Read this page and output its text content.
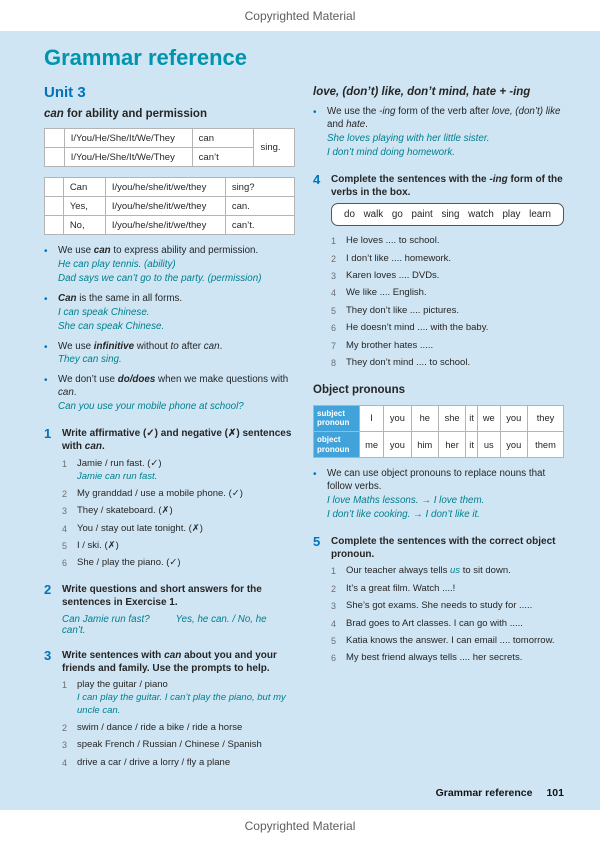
Copyrighted Material
Grammar reference
Unit 3
can for ability and permission
+	I/You/He/She/It/We/They	can	sing.
−	I/You/He/She/It/We/They	can’t	
?	Can	I/you/he/she/it/we/they	sing?
+	Yes,	I/you/he/she/it/we/they	can.
−	No,	I/you/he/she/it/we/they	can’t.
•	We use can to express ability and permission.
He can play tennis. (ability)
Dad says we can’t go to the party. (permission)
•	Can is the same in all forms.
I can speak Chinese.
She can speak Chinese.
•	We use infinitive without to after can.
They can sing.
•	We don’t use do/does when we make questions with can.
Can you use your mobile phone at school?
1	Write affirmative (✓) and negative (✗) sentences with can.
1	Jamie / run fast. (✓)
Jamie can run fast.
2	My granddad / use a mobile phone. (✓)
3	They / skateboard. (✗)
4	You / stay out late tonight. (✗)
5	I / ski. (✗)
6	She / play the piano. (✓)
2	Write questions and short answers for the sentences in Exercise 1.
Can Jamie run fast?	Yes, he can. / No, he can’t.
3	Write sentences with can about you and your friends and family. Use the prompts to help.
1	play the guitar / piano
I can play the guitar. I can’t play the piano, but my uncle can.
2	swim / dance / ride a bike / ride a horse
3	speak French / Russian / Chinese / Spanish
4	drive a car / drive a lorry / fly a plane
love, (don’t) like, don’t mind, hate + -ing
•	We use the -ing form of the verb after love, (don’t) like and hate.
She loves playing with her little sister.
I don’t mind doing homework.
4	Complete the sentences with the -ing form of the verbs in the box.
do walk go paint sing watch play learn
1	He loves .... to school.
2	I don’t like .... homework.
3	Karen loves .... DVDs.
4	We like .... English.
5	They don’t like .... pictures.
6	He doesn’t mind .... with the baby.
7	My brother hates .....
8	They don’t mind .... to school.
Object pronouns
subject pronoun	I	you	he	she	it	we	you	they
object pronoun	me	you	him	her	it	us	you	them
•	We can use object pronouns to replace nouns that follow verbs.
I love Maths lessons. → I love them.
I don’t like cooking. → I don’t like it.
5	Complete the sentences with the correct object pronoun.
1	Our teacher always tells us to sit down.
2	It’s a great film. Watch ....!
3	She’s got exams. She needs to study for .....
4	Brad goes to Art classes. I can go with .....
5	Katia knows the answer. I can email .... tomorrow.
6	My best friend always tells .... her secrets.
Grammar reference 101
Copyrighted Material
